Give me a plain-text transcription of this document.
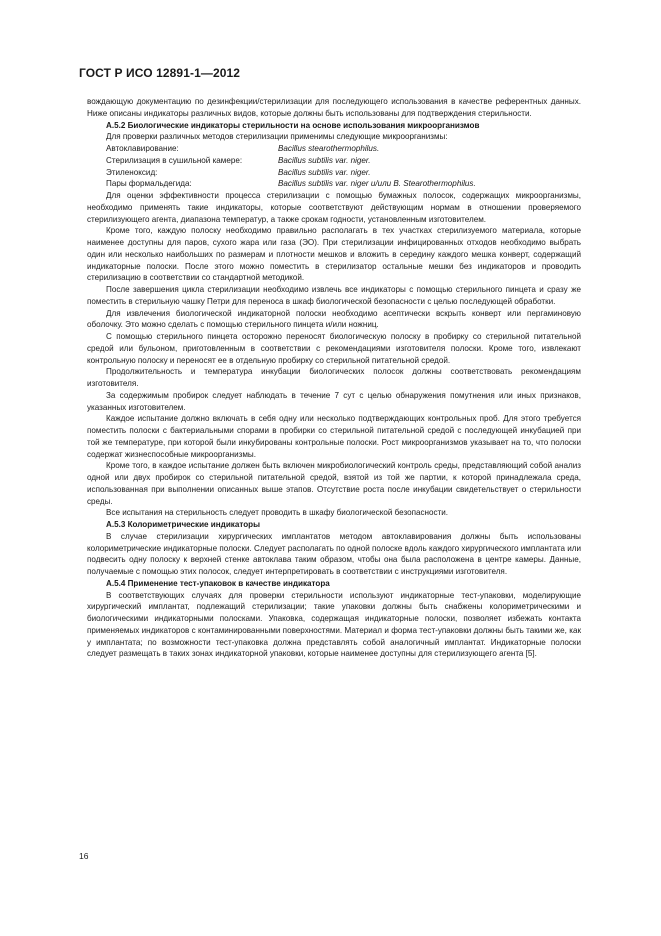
ГОСТ Р ИСО 12891-1—2012

вождающую документацию по дезинфекции/стерилизации для последующего использования в качестве референтных данных. Ниже описаны индикаторы различных видов, которые должны быть использованы для подтверждения стерильности.

А.5.2 Биологические индикаторы стерильности на основе использования микроорганизмов

Для проверки различных методов стерилизации применимы следующие микроорганизмы:

Автоклавирование:	Bacillus stearothermophilus.
Стерилизация в сушильной камере:	Bacillus subtilis var. niger.
Этиленоксид:	Bacillus subtilis var. niger.
Пары формальдегида:	Bacillus subtilis var. niger и/или B. Stearothermophilus.

Для оценки эффективности процесса стерилизации с помощью бумажных полосок, содержащих микроорганизмы, необходимо применять такие индикаторы, которые соответствуют действующим нормам в отношении проверяемого стерилизующего агента, диапазона температур, а также срокам годности, установленным изготовителем.

Кроме того, каждую полоску необходимо правильно располагать в тех участках стерилизуемого материала, которые наименее доступны для паров, сухого жара или газа (ЭО). При стерилизации инфицированных отходов необходимо выбрать один или несколько наибольших по размерам и плотности мешков и вложить в середину каждого мешка конверт, содержащий индикаторные полоски. После этого можно поместить в стерилизатор остальные мешки без индикаторов и проводить стерилизацию в соответствии со стандартной методикой.

После завершения цикла стерилизации необходимо извлечь все индикаторы с помощью стерильного пинцета и сразу же поместить в стерильную чашку Петри для переноса в шкаф биологической безопасности с целью последующей обработки.

Для извлечения биологической индикаторной полоски необходимо асептически вскрыть конверт или пергаминовую оболочку. Это можно сделать с помощью стерильного пинцета и/или ножниц.

С помощью стерильного пинцета осторожно переносят биологическую полоску в пробирку со стерильной питательной средой или бульоном, приготовленным в соответствии с рекомендациями изготовителя полоски. Кроме того, извлекают контрольную полоску и переносят ее в отдельную пробирку со стерильной питательной средой.

Продолжительность и температура инкубации биологических полосок должны соответствовать рекомендациям изготовителя.

За содержимым пробирок следует наблюдать в течение 7 сут с целью обнаружения помутнения или иных признаков, указанных изготовителем.

Каждое испытание должно включать в себя одну или несколько подтверждающих контрольных проб. Для этого требуется поместить полоски с бактериальными спорами в пробирки со стерильной питательной средой с последующей инкубацией при той же температуре, при которой были инкубированы контрольные полоски. Рост микроорганизмов указывает на то, что полоски содержат жизнеспособные микроорганизмы.

Кроме того, в каждое испытание должен быть включен микробиологический контроль среды, представляющий собой анализ одной или двух пробирок со стерильной питательной средой, взятой из той же партии, к которой принадлежала среда, использованная при выполнении описанных выше этапов. Отсутствие роста после инкубации свидетельствует о стерильности среды.

Все испытания на стерильность следует проводить в шкафу биологической безопасности.

А.5.3 Колориметрические индикаторы

В случае стерилизации хирургических имплантатов методом автоклавирования должны быть использованы колориметрические индикаторные полоски. Следует располагать по одной полоске вдоль каждого хирургического имплантата или подвесить одну полоску к верхней стенке автоклава таким образом, чтобы она была расположена в центре камеры. Данные, получаемые с помощью этих полосок, следует интерпретировать в соответствии с инструкциями изготовителя.

А.5.4 Применение тест-упаковок в качестве индикатора

В соответствующих случаях для проверки стерильности используют индикаторные тест-упаковки, моделирующие хирургический имплантат, подлежащий стерилизации; такие упаковки должны быть снабжены колориметрическими и биологическими индикаторными полосками. Упаковка, содержащая индикаторные полоски, позволяет избежать контакта применяемых индикаторов с контаминированными поверхностями. Материал и форма тест-упаковки должны быть такими же, как у имплантата; по возможности тест-упаковка должна представлять собой аналогичный имплантат. Индикаторные полоски следует размещать в таких зонах индикаторной упаковки, которые наименее доступны для стерилизующего агента [5].

16
